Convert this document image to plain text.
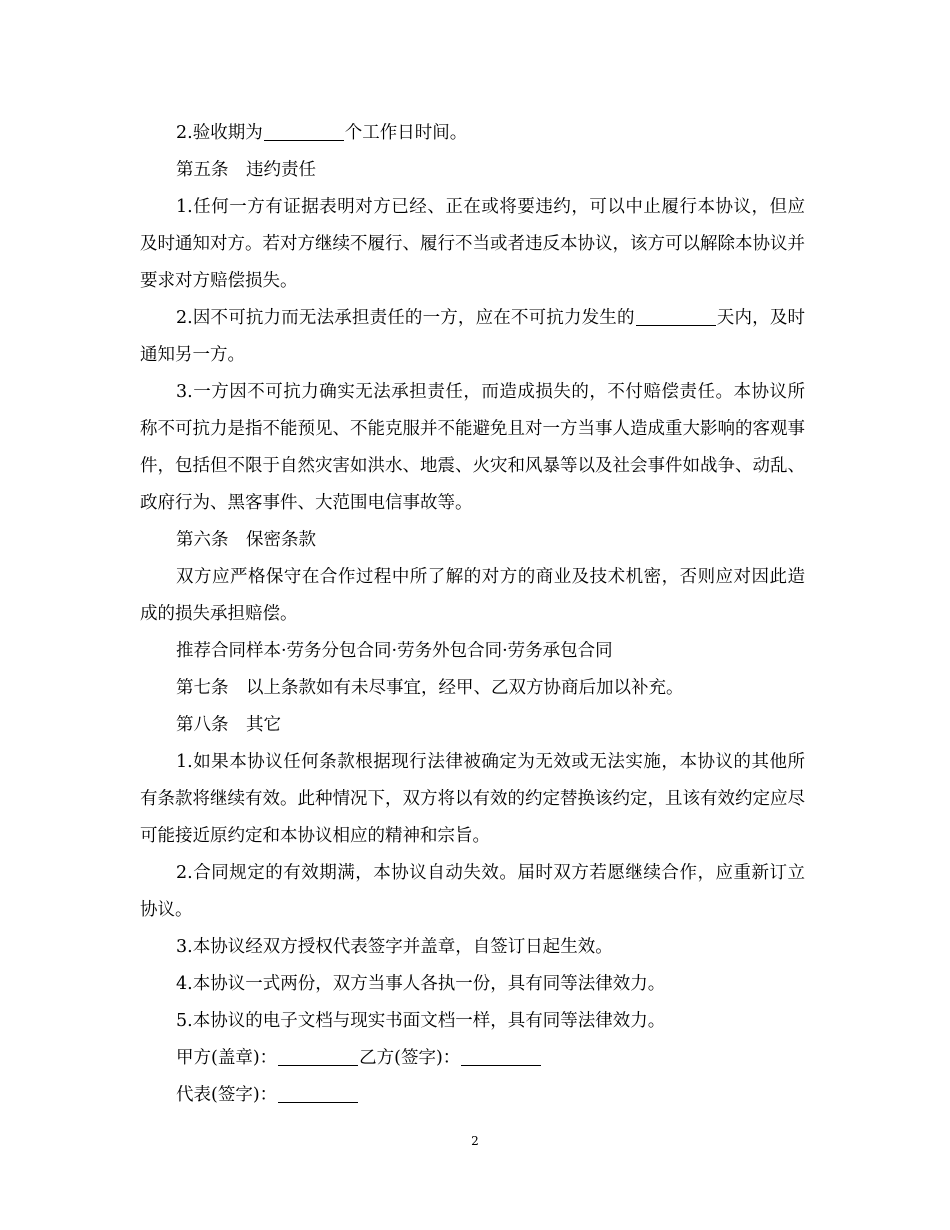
2.验收期为	个工作日时间。

第五条　违约责任

1.任何一方有证据表明对方已经、正在或将要违约，可以中止履行本协议，但应及时通知对方。若对方继续不履行、履行不当或者违反本协议，该方可以解除本协议并要求对方赔偿损失。

2.因不可抗力而无法承担责任的一方，应在不可抗力发生的	天内，及时通知另一方。

3.一方因不可抗力确实无法承担责任，而造成损失的，不付赔偿责任。本协议所称不可抗力是指不能预见、不能克服并不能避免且对一方当事人造成重大影响的客观事件，包括但不限于自然灾害如洪水、地震、火灾和风暴等以及社会事件如战争、动乱、政府行为、黑客事件、大范围电信事故等。

第六条　保密条款

双方应严格保守在合作过程中所了解的对方的商业及技术机密，否则应对因此造成的损失承担赔偿。

推荐合同样本·劳务分包合同·劳务外包合同·劳务承包合同

第七条　以上条款如有未尽事宜，经甲、乙双方协商后加以补充。

第八条　其它

1.如果本协议任何条款根据现行法律被确定为无效或无法实施，本协议的其他所有条款将继续有效。此种情况下，双方将以有效的约定替换该约定，且该有效约定应尽可能接近原约定和本协议相应的精神和宗旨。

2.合同规定的有效期满，本协议自动失效。届时双方若愿继续合作，应重新订立协议。

3.本协议经双方授权代表签字并盖章，自签订日起生效。

4.本协议一式两份，双方当事人各执一份，具有同等法律效力。

5.本协议的电子文档与现实书面文档一样，具有同等法律效力。

甲方(盖章)：	乙方(签字)：

代表(签字)：

2
